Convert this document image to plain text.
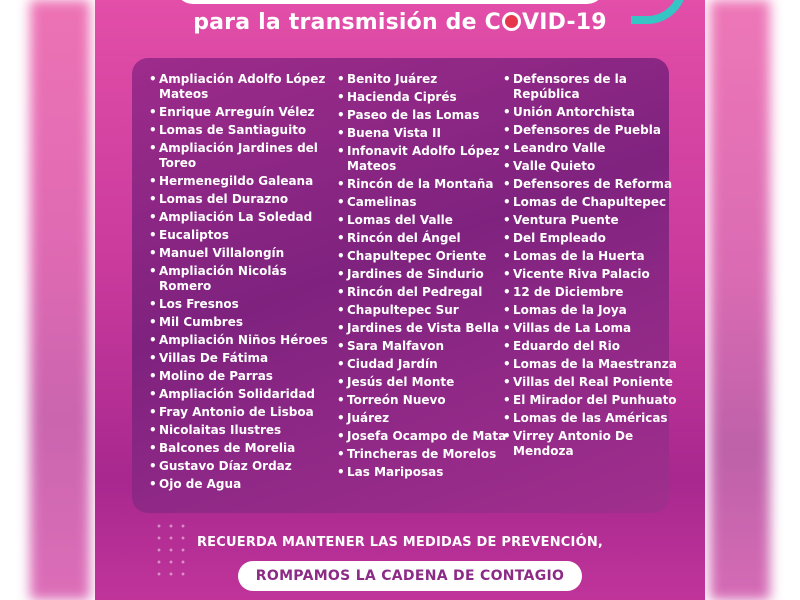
para la transmisión de C VID-19
• Ampliación Adolfo López Mateos
• Enrique Arreguín Vélez
• Lomas de Santiaguito
• Ampliación Jardines del Toreo
• Hermenegildo Galeana
• Lomas del Durazno
• Ampliación La Soledad
• Eucaliptos
• Manuel Villalongín
• Ampliación Nicolás Romero
• Los Fresnos
• Mil Cumbres
• Ampliación Niños Héroes
• Villas De Fátima
• Molino de Parras
• Ampliación Solidaridad
• Fray Antonio de Lisboa
• Nicolaitas Ilustres
• Balcones de Morelia
• Gustavo Díaz Ordaz
• Ojo de Agua
• Benito Juárez
• Hacienda Ciprés
• Paseo de las Lomas
• Buena Vista II
• Infonavit Adolfo López Mateos
• Rincón de la Montaña
• Camelinas
• Lomas del Valle
• Rincón del Ángel
• Chapultepec Oriente
• Jardines de Sindurio
• Rincón del Pedregal
• Chapultepec Sur
• Jardines de Vista Bella
• Sara Malfavon
• Ciudad Jardín
• Jesús del Monte
• Torreón Nuevo
• Juárez
• Josefa Ocampo de Mata
• Trincheras de Morelos
• Las Mariposas
• Defensores de la República
• Unión Antorchista
• Defensores de Puebla
• Leandro Valle
• Valle Quieto
• Defensores de Reforma
• Lomas de Chapultepec
• Ventura Puente
• Del Empleado
• Lomas de la Huerta
• Vicente Riva Palacio
• 12 de Diciembre
• Lomas de la Joya
• Villas de La Loma
• Eduardo del Rio
• Lomas de la Maestranza
• Villas del Real Poniente
• El Mirador del Punhuato
• Lomas de las Américas
• Virrey Antonio De Mendoza
RECUERDA MANTENER LAS MEDIDAS DE PREVENCIÓN,
ROMPAMOS LA CADENA DE CONTAGIO
